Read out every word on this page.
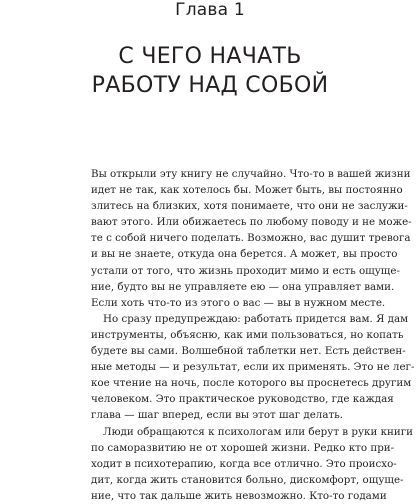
Глава 1
С ЧЕГО НАЧАТЬ
РАБОТУ НАД СОБОЙ
Вы открыли эту книгу не случайно. Что-то в вашей жизни
идет не так, как хотелось бы. Может быть, вы постоянно
злитесь на близких, хотя понимаете, что они не заслужи-
вают этого. Или обижаетесь по любому поводу и не може-
те с собой ничего поделать. Возможно, вас душит тревога
и вы не знаете, откуда она берется. А может, вы просто
устали от того, что жизнь проходит мимо и есть ощуще-
ние, будто вы не управляете ею — она управляет вами.
Если хоть что-то из этого о вас — вы в нужном месте.
Но сразу предупреждаю: работать придется вам. Я дам
инструменты, объясню, как ими пользоваться, но копать
будете вы сами. Волшебной таблетки нет. Есть действен-
ные методы — и результат, если их применять. Это не лег-
кое чтение на ночь, после которого вы проснетесь другим
человеком. Это практическое руководство, где каждая
глава — шаг вперед, если вы этот шаг делать.
Люди обращаются к психологам или берут в руки книги
по саморазвитию не от хорошей жизни. Редко кто при-
ходит в психотерапию, когда все отлично. Это происхо-
дит, когда жить становится больно, дискомфорт, ощуще-
ние, что так дальше жить невозможно. Кто-то годами
